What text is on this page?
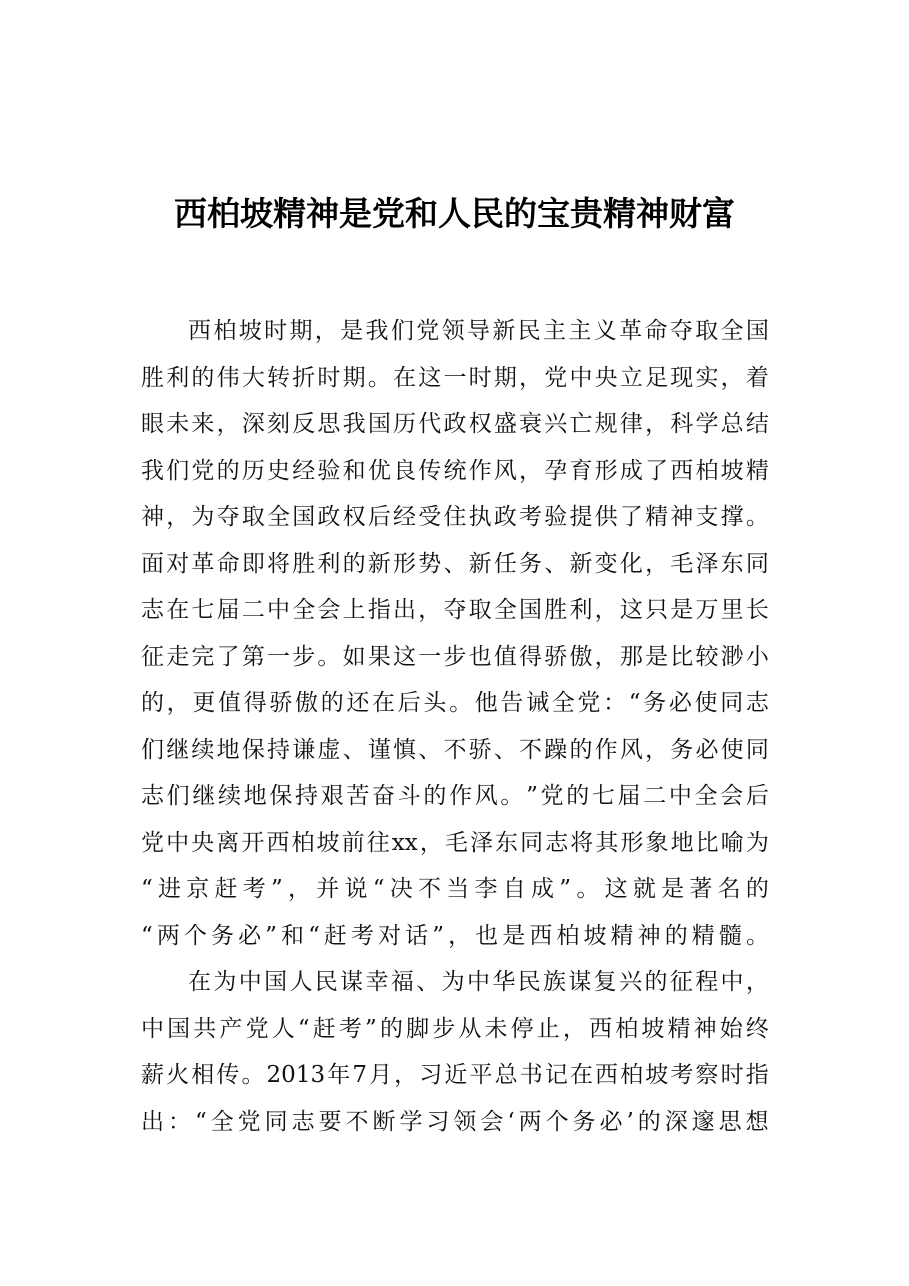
西柏坡精神是党和人民的宝贵精神财富
西 柏 坡 时 期 ， 是 我 们 党 领 导 新 民 主 主 义 革 命 夺 取 全 国
胜 利 的 伟 大 转 折 时 期 。 在 这 一 时 期 ， 党 中 央 立 足 现 实 ， 着
眼 未 来 ， 深 刻 反 思 我 国 历 代 政 权 盛 衰 兴 亡 规 律 ， 科 学 总 结
我 们 党 的 历 史 经 验 和 优 良 传 统 作 风 ， 孕 育 形 成 了 西 柏 坡 精
神 ， 为 夺 取 全 国 政 权 后 经 受 住 执 政 考 验 提 供 了 精 神 支 撑 。
面 对 革 命 即 将 胜 利 的 新 形 势 、 新 任 务 、 新 变 化 ， 毛 泽 东 同
志 在 七 届 二 中 全 会 上 指 出 ， 夺 取 全 国 胜 利 ， 这 只 是 万 里 长
征 走 完 了 第 一 步 。 如 果 这 一 步 也 值 得 骄 傲 ， 那 是 比 较 渺 小
的 ， 更 值 得 骄 傲 的 还 在 后 头 。 他 告 诫 全 党 ： “ 务 必 使 同 志
们 继 续 地 保 持 谦 虚 、 谨 慎 、 不 骄 、 不 躁 的 作 风 ， 务 必 使 同
志 们 继 续 地 保 持 艰 苦 奋 斗 的 作 风 。 ” 党 的 七 届 二 中 全 会 后
党 中 央 离 开 西 柏 坡 前 往 xx ， 毛 泽 东 同 志 将 其 形 象 地 比 喻 为
“ 进 京 赶 考 ” ， 并 说 “ 决 不 当 李 自 成 ” 。 这 就 是 著 名 的
“ 两 个 务 必 ” 和 “ 赶 考 对 话 ” ， 也 是 西 柏 坡 精 神 的 精 髓 。
在 为 中 国 人 民 谋 幸 福 、 为 中 华 民 族 谋 复 兴 的 征 程 中 ，
中 国 共 产 党 人 “ 赶 考 ” 的 脚 步 从 未 停 止 ， 西 柏 坡 精 神 始 终
薪 火 相 传 。 2013 年 7 月 ， 习 近 平 总 书 记 在 西 柏 坡 考 察 时 指
出 ： “ 全 党 同 志 要 不 断 学 习 领 会 ‘ 两 个 务 必 ’ 的 深 邃 思 想
